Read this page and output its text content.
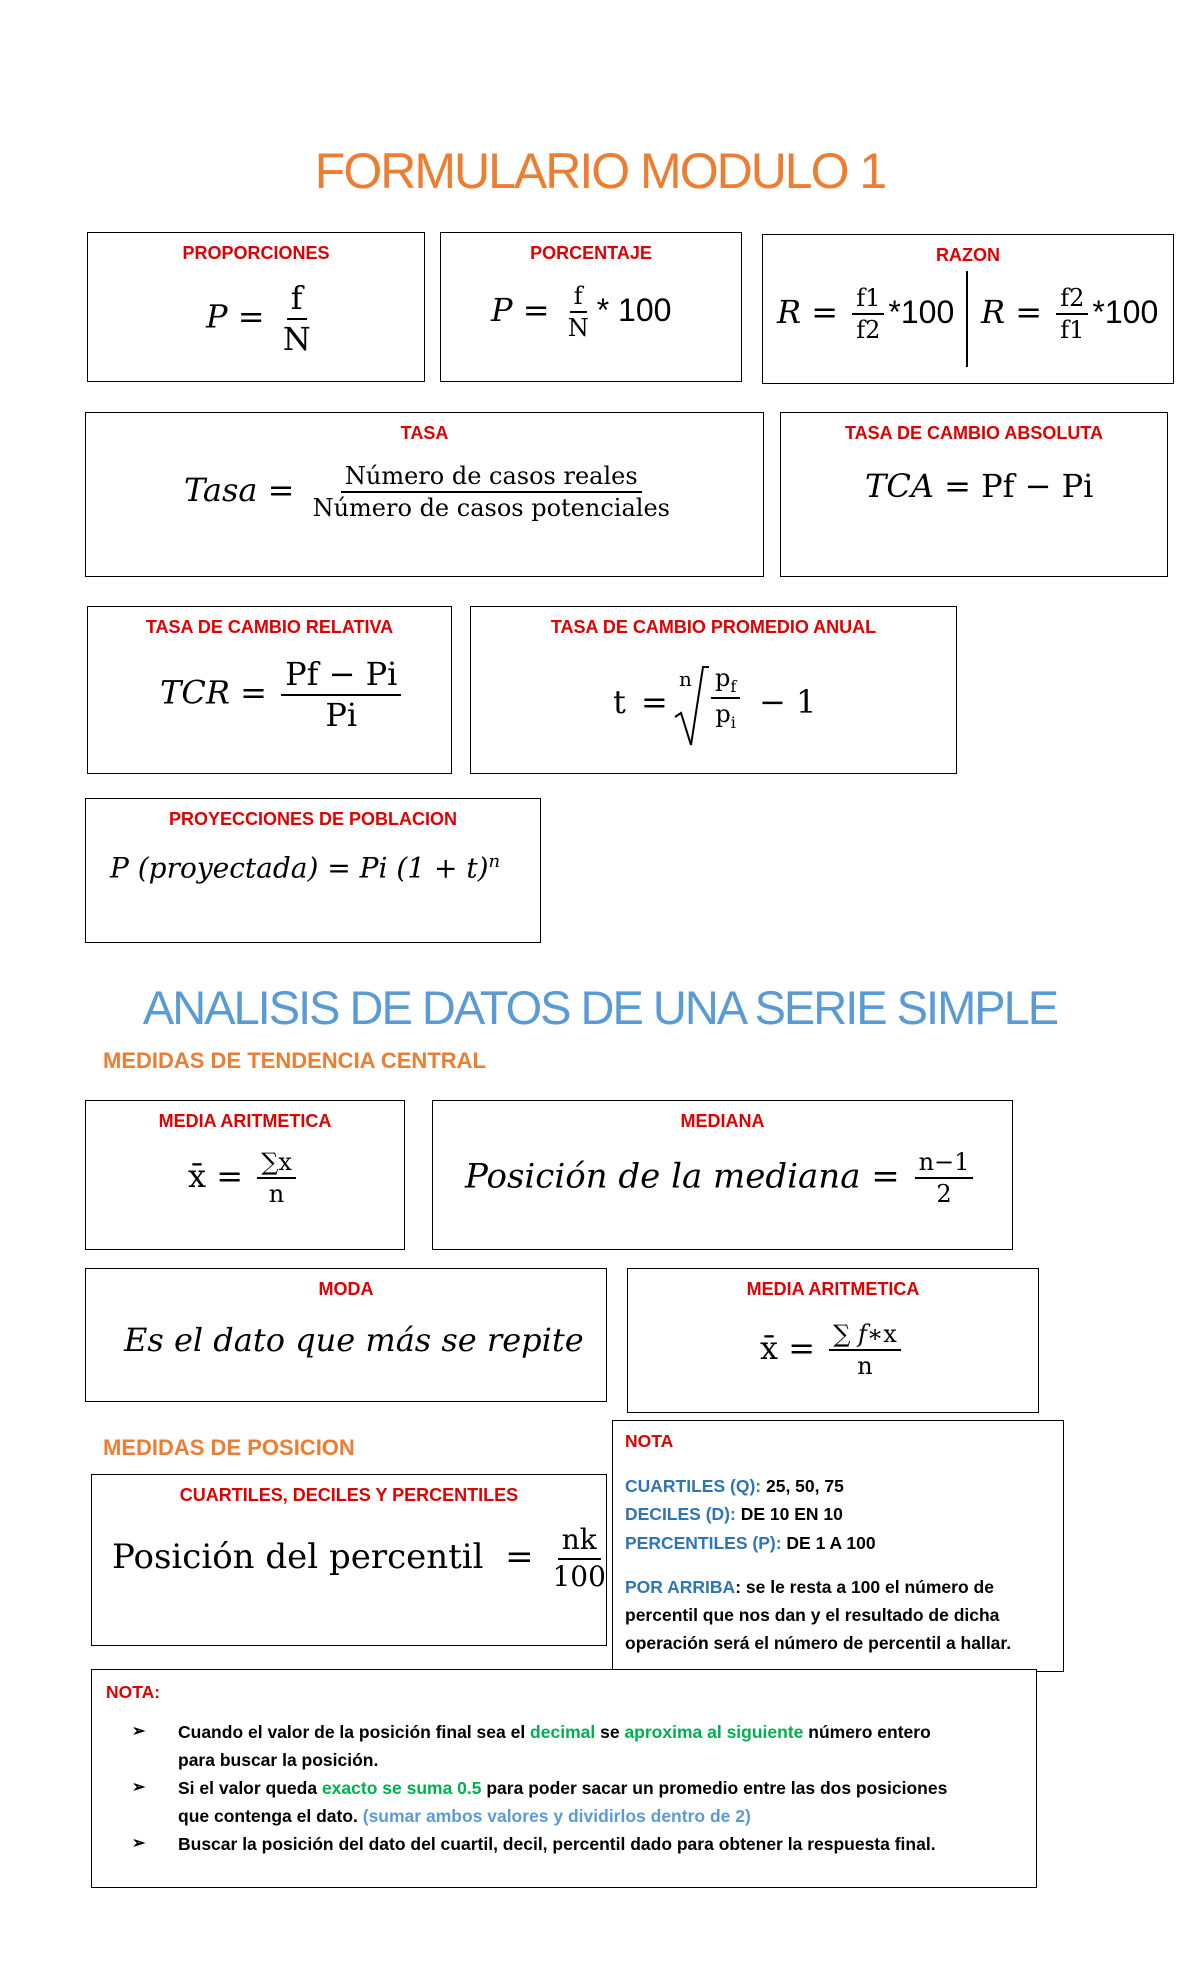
FORMULARIO MODULO 1
PROPORCIONES
$P = \frac{f}{N}$
PORCENTAJE
$P = \frac{f}{N} * 100$
RAZON
$R = \frac{f1}{f2} *100$ $R = \frac{f2}{f1} *100$
TASA
Tasa = $\frac{\text{Número de casos reales}}{\text{Número de casos potenciales}}$
TASA DE CAMBIO ABSOLUTA
TCA = Pf − Pi
TASA DE CAMBIO RELATIVA
TCR = $\frac{Pf - Pi}{Pi}$
TASA DE CAMBIO PROMEDIO ANUAL
t =
n $\frac{p_f}{p_i} - 1$
PROYECCIONES DE POBLACION
P (proyectada) = Pi $(1 + t)^n$
ANALISIS DE DATOS DE UNA SERIE SIMPLE
MEDIDAS DE TENDENCIA CENTRAL
MEDIA ARITMETICA
x̄ = $\frac{\sum x}{n}$
MEDIANA
Posición de la mediana = $\frac{n-1}{2}$
MODA
Es el dato que más se repite
MEDIA ARITMETICA
x̄ = $\frac{\sum f∗x}{n}$
MEDIDAS DE POSICION
CUARTILES, DECILES Y PERCENTILES
Posición del percentil  = $\frac{nk}{100}$
NOTA
CUARTILES (Q): 25, 50, 75
DECILES (D): DE 10 EN 10
PERCENTILES (P): DE 1 A 100
POR ARRIBA: se le resta a 100 el número de
percentil que nos dan y el resultado de dicha
operación será el número de percentil a hallar.
NOTA:
➢	Cuando el valor de la posición final sea el decimal se aproxima al siguiente número entero
para buscar la posición.
➢	Si el valor queda exacto se suma 0.5 para poder sacar un promedio entre las dos posiciones
que contenga el dato. (sumar ambos valores y dividirlos dentro de 2)
➢	Buscar la posición del dato del cuartil, decil, percentil dado para obtener la respuesta final.
